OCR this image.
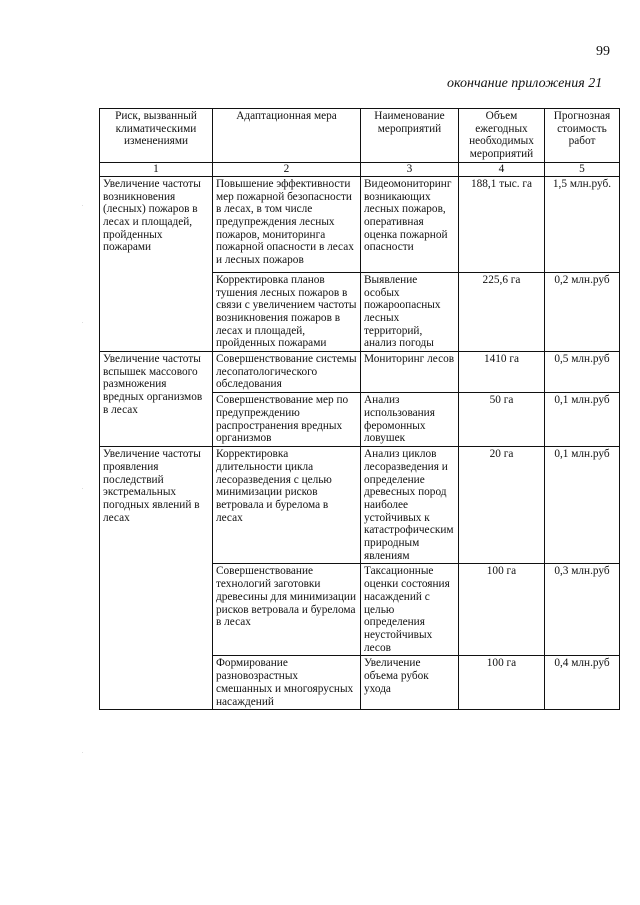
99
окончание приложения 21
Риск, вызванный климатическими изменениями	Адаптационная мера	Наименование мероприятий	Объем ежегодных необходимых мероприятий	Прогнозная стоимость работ
1	2	3	4	5
Увеличение частоты возникновения (лесных) пожаров в лесах и площадей, пройденных пожарами	Повышение эффективности мер пожарной безопасности в лесах, в том числе предупреждения лесных пожаров, мониторинга пожарной опасности в лесах и лесных пожаров	Видеомониторинг возникающих лесных пожаров, оперативная оценка пожарной опасности	188,1 тыс. га	1,5 млн.руб.
	Корректировка планов тушения лесных пожаров в связи с увеличением частоты возникновения пожаров в лесах и площадей, пройденных пожарами	Выявление особых пожароопасных лесных территорий, анализ погоды	225,6 га	0,2 млн.руб
Увеличение частоты вспышек массового размножения вредных организмов в лесах	Совершенствование системы лесопатологического обследования	Мониторинг лесов	1410 га	0,5 млн.руб
	Совершенствование мер по предупреждению распространения вредных организмов	Анализ использования феромонных ловушек	50 га	0,1 млн.руб
Увеличение частоты проявления последствий экстремальных погодных явлений в лесах	Корректировка длительности цикла лесоразведения с целью минимизации рисков ветровала и бурелома в лесах	Анализ циклов лесоразведения и определение древесных пород наиболее устойчивых к катастрофическим природным явлениям	20 га	0,1 млн.руб
	Совершенствование технологий заготовки древесины для минимизации рисков ветровала и бурелома в лесах	Таксационные оценки состояния насаждений с целью определения неустойчивых лесов	100 га	0,3 млн.руб
	Формирование разновозрастных смешанных и многоярусных насаждений	Увеличение объема рубок ухода	100 га	0,4 млн.руб
